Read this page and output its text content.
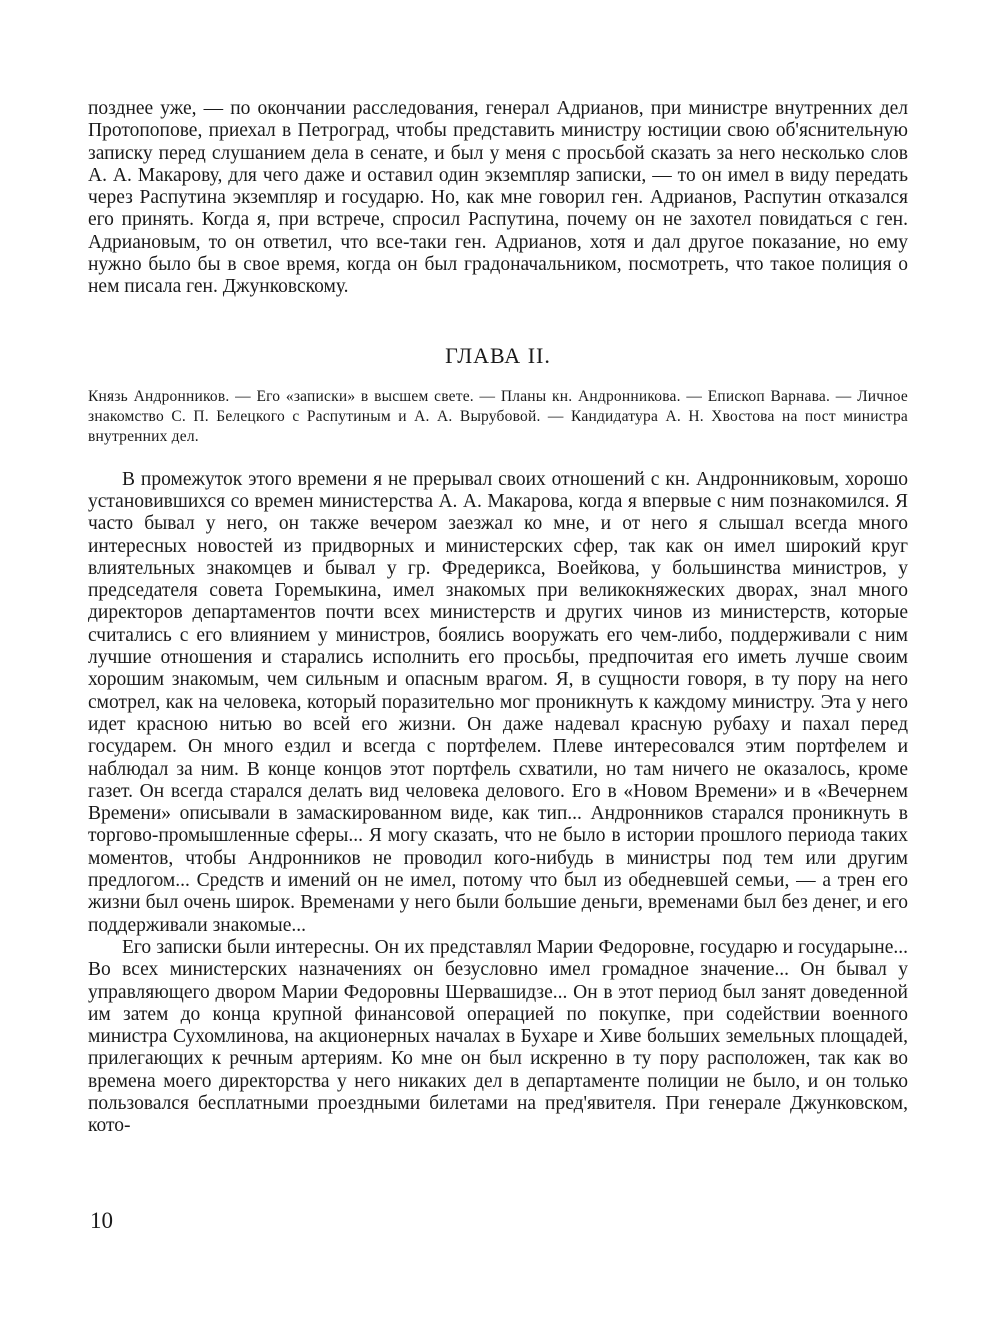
позднее уже, — по окончании расследования, генерал Адрианов, при министре внутренних дел Протопопове, приехал в Петроград, чтобы представить министру юстиции свою об'яснительную записку перед слушанием дела в сенате, и был у меня с просьбой сказать за него несколько слов А. А. Макарову, для чего даже и оставил один экземпляр записки, — то он имел в виду передать через Распутина экземпляр и государю. Но, как мне говорил ген. Адрианов, Распутин отказался его принять. Когда я, при встрече, спросил Распутина, почему он не захотел повидаться с ген. Адриановым, то он ответил, что все-таки ген. Адрианов, хотя и дал другое показание, но ему нужно было бы в свое время, когда он был градоначальником, посмотреть, что такое полиция о нем писала ген. Джунковскому.

ГЛАВА II.

Князь Андронников. — Его «записки» в высшем свете. — Планы кн. Андронникова. — Епископ Варнава. — Личное знакомство С. П. Белецкого с Распутиным и А. А. Вырубовой. — Кандидатура А. Н. Хвостова на пост министра внутренних дел.

В промежуток этого времени я не прерывал своих отношений с кн. Андронниковым, хорошо установившихся со времен министерства А. А. Макарова, когда я впервые с ним познакомился. Я часто бывал у него, он также вечером заезжал ко мне, и от него я слышал всегда много интересных новостей из придворных и министерских сфер, так как он имел широкий круг влиятельных знакомцев и бывал у гр. Фредерикса, Воейкова, у большинства министров, у председателя совета Горемыкина, имел знакомых при великокняжеских дворах, знал много директоров департаментов почти всех министерств и других чинов из министерств, которые считались с его влиянием у министров, боялись вооружать его чем-либо, поддерживали с ним лучшие отношения и старались исполнить его просьбы, предпочитая его иметь лучше своим хорошим знакомым, чем сильным и опасным врагом. Я, в сущности говоря, в ту пору на него смотрел, как на человека, который поразительно мог проникнуть к каждому министру. Эта у него идет красною нитью во всей его жизни. Он даже надевал красную рубаху и пахал перед государем. Он много ездил и всегда с портфелем. Плеве интересовался этим портфелем и наблюдал за ним. В конце концов этот портфель схватили, но там ничего не оказалось, кроме газет. Он всегда старался делать вид человека делового. Его в «Новом Времени» и в «Вечернем Времени» описывали в замаскированном виде, как тип... Андронников старался проникнуть в торгово-промышленные сферы... Я могу сказать, что не было в истории прошлого периода таких моментов, чтобы Андронников не проводил кого-нибудь в министры под тем или другим предлогом... Средств и имений он не имел, потому что был из обедневшей семьи, — а трен его жизни был очень широк. Временами у него были большие деньги, временами был без денег, и его поддерживали знакомые...

Его записки были интересны. Он их представлял Марии Федоровне, государю и государыне... Во всех министерских назначениях он безусловно имел громадное значение... Он бывал у управляющего двором Марии Федоровны Шервашидзе... Он в этот период был занят доведенной им затем до конца крупной финансовой операцией по покупке, при содействии военного министра Сухомлинова, на акционерных началах в Бухаре и Хиве больших земельных площадей, прилегающих к речным артериям. Ко мне он был искренно в ту пору расположен, так как во времена моего директорства у него никаких дел в департаменте полиции не было, и он только пользовался бесплатными проездными билетами на пред'явителя. При генерале Джунковском, кото-

10
